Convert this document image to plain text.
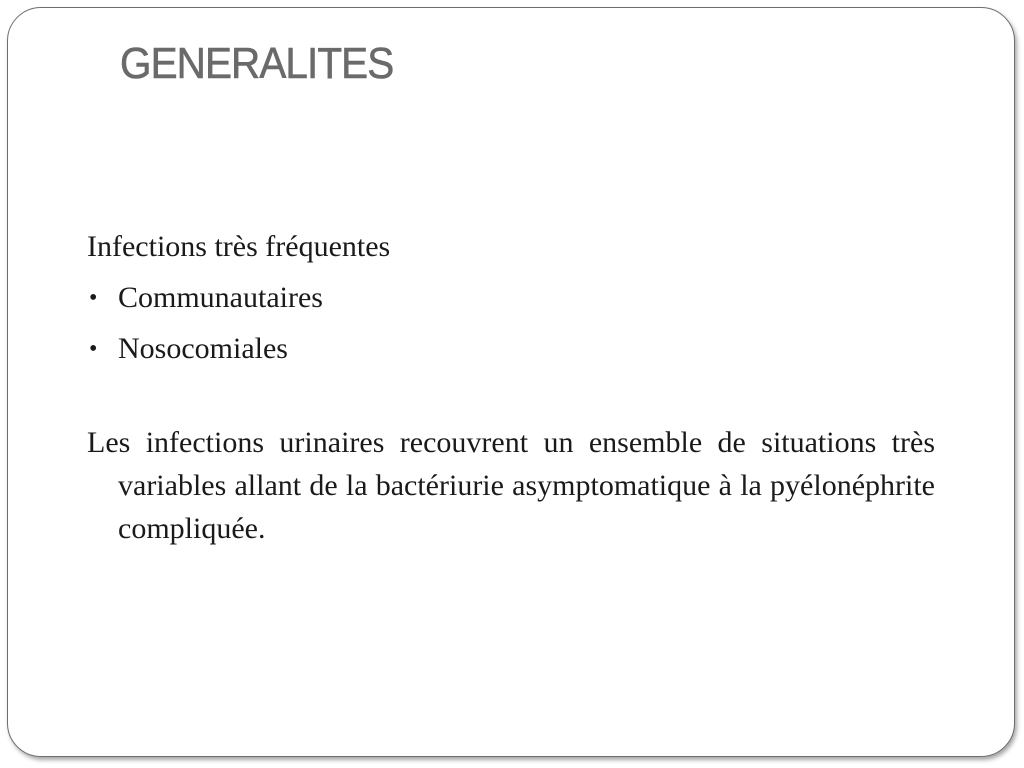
GENERALITES

Infections très fréquentes

• Communautaires
• Nosocomiales

Les infections urinaires recouvrent un ensemble de situations très variables allant de la bactériurie asymptomatique à la pyélonéphrite compliquée.
